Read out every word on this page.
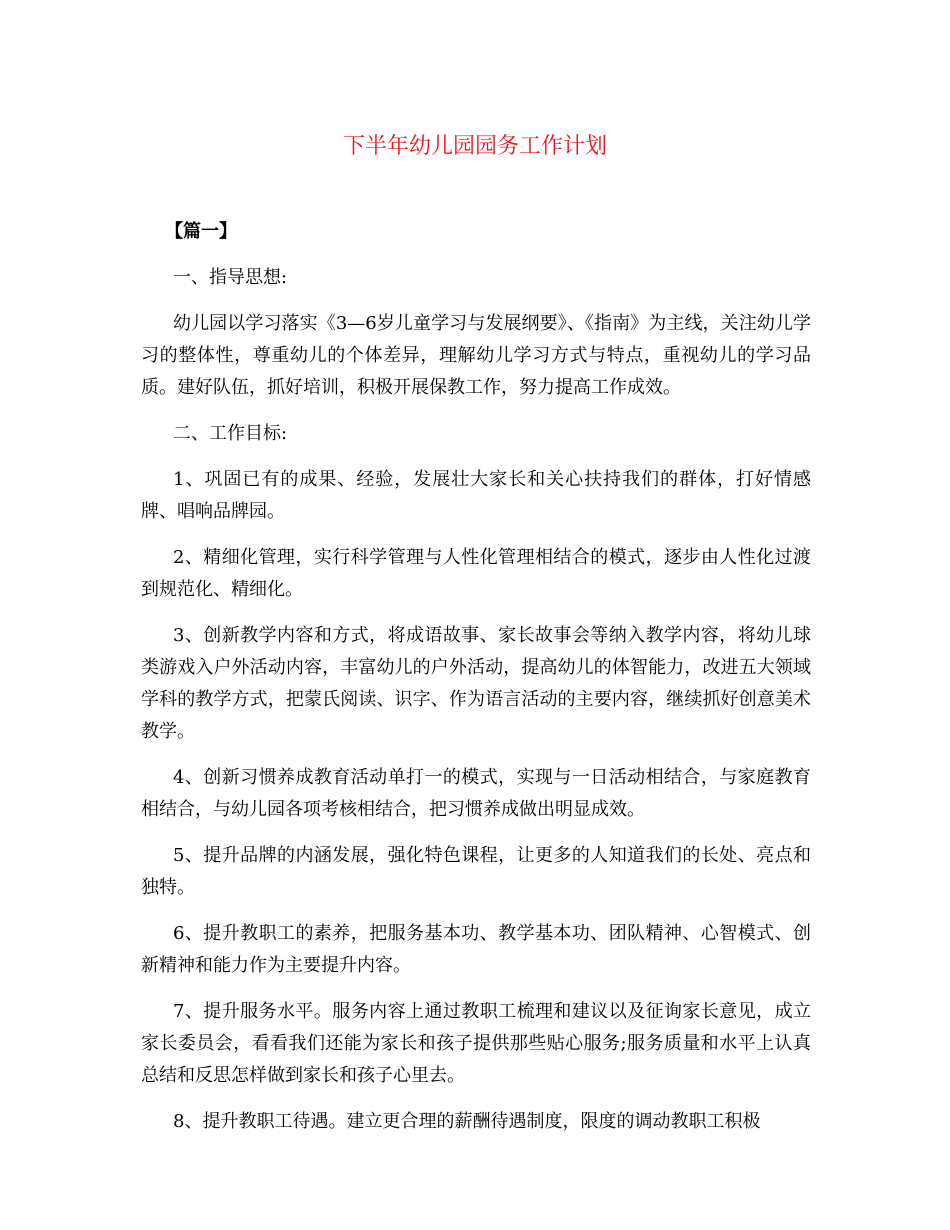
下半年幼儿园园务工作计划

【篇一】

一、指导思想:

幼儿园以学习落实《3—6岁儿童学习与发展纲要》、《指南》为主线，关注幼儿学习的整体性，尊重幼儿的个体差异，理解幼儿学习方式与特点，重视幼儿的学习品质。建好队伍，抓好培训，积极开展保教工作，努力提高工作成效。

二、工作目标:

1、巩固已有的成果、经验，发展壮大家长和关心扶持我们的群体，打好情感牌、唱响品牌园。

2、精细化管理，实行科学管理与人性化管理相结合的模式，逐步由人性化过渡到规范化、精细化。

3、创新教学内容和方式，将成语故事、家长故事会等纳入教学内容，将幼儿球类游戏入户外活动内容，丰富幼儿的户外活动，提高幼儿的体智能力，改进五大领域学科的教学方式，把蒙氏阅读、识字、作为语言活动的主要内容，继续抓好创意美术教学。

4、创新习惯养成教育活动单打一的模式，实现与一日活动相结合，与家庭教育相结合，与幼儿园各项考核相结合，把习惯养成做出明显成效。

5、提升品牌的内涵发展，强化特色课程，让更多的人知道我们的长处、亮点和独特。

6、提升教职工的素养，把服务基本功、教学基本功、团队精神、心智模式、创新精神和能力作为主要提升内容。

7、提升服务水平。服务内容上通过教职工梳理和建议以及征询家长意见，成立家长委员会，看看我们还能为家长和孩子提供那些贴心服务;服务质量和水平上认真总结和反思怎样做到家长和孩子心里去。

8、提升教职工待遇。建立更合理的薪酬待遇制度，限度的调动教职工积极
